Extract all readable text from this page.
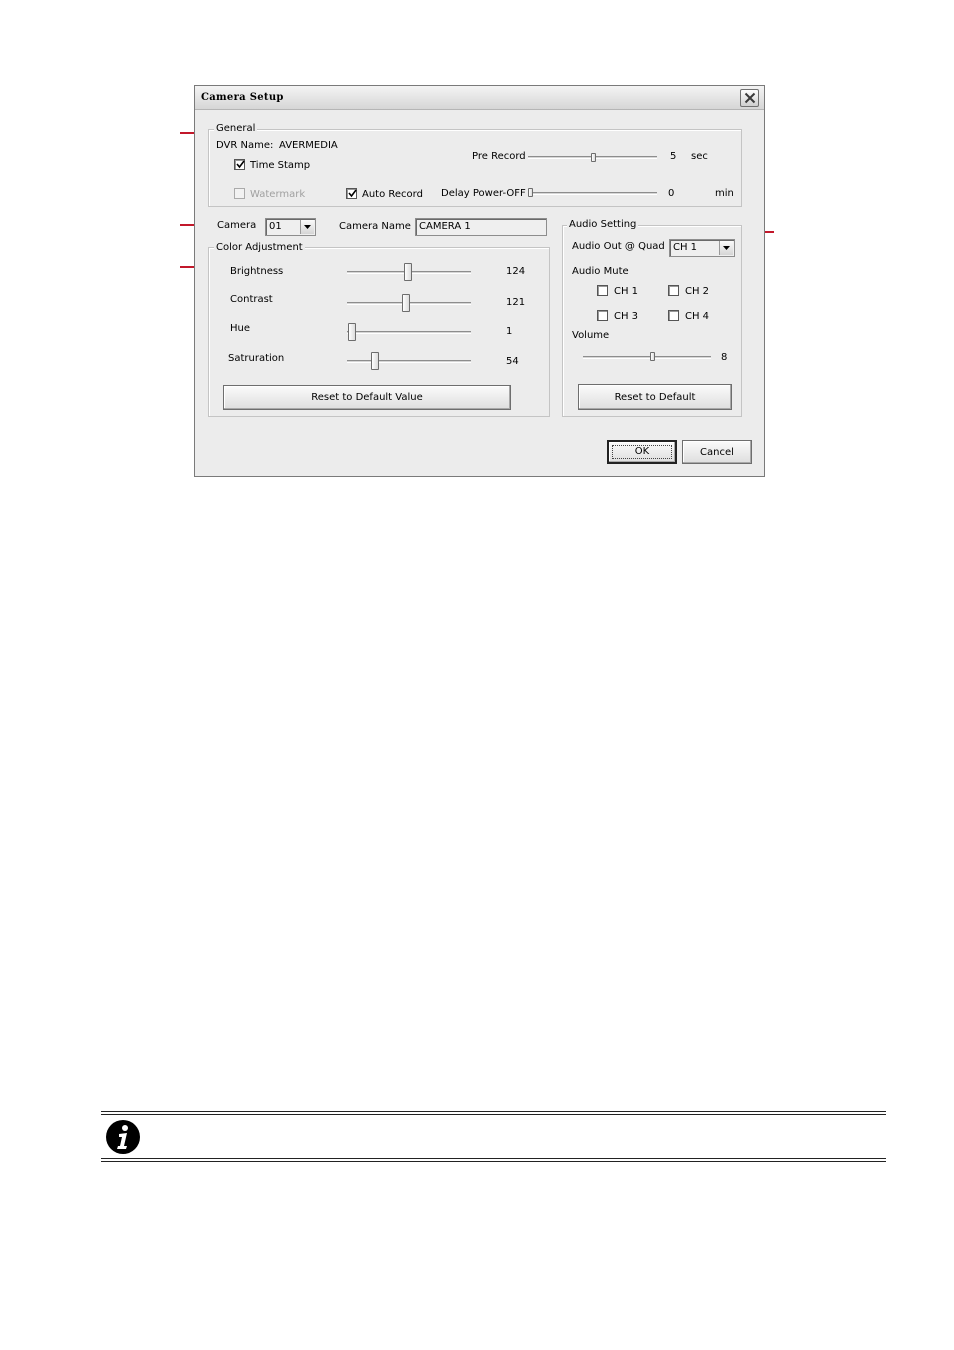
Camera Setup
General
DVR Name: AVERMEDIA
Time Stamp
Watermark	Auto Record
Pre Record	5 sec
Delay Power-OFF	0	min
Camera	01	Camera Name CAMERA 1
Color Adjustment
Brightness	124
Contrast	121
Hue	1
Satruration	54
Reset to Default Value
Audio Setting
Audio Out @ Quad CH 1
Audio Mute
CH 1	CH 2
CH 3	CH 4
Volume
8
Reset to Default
OK	Cancel
